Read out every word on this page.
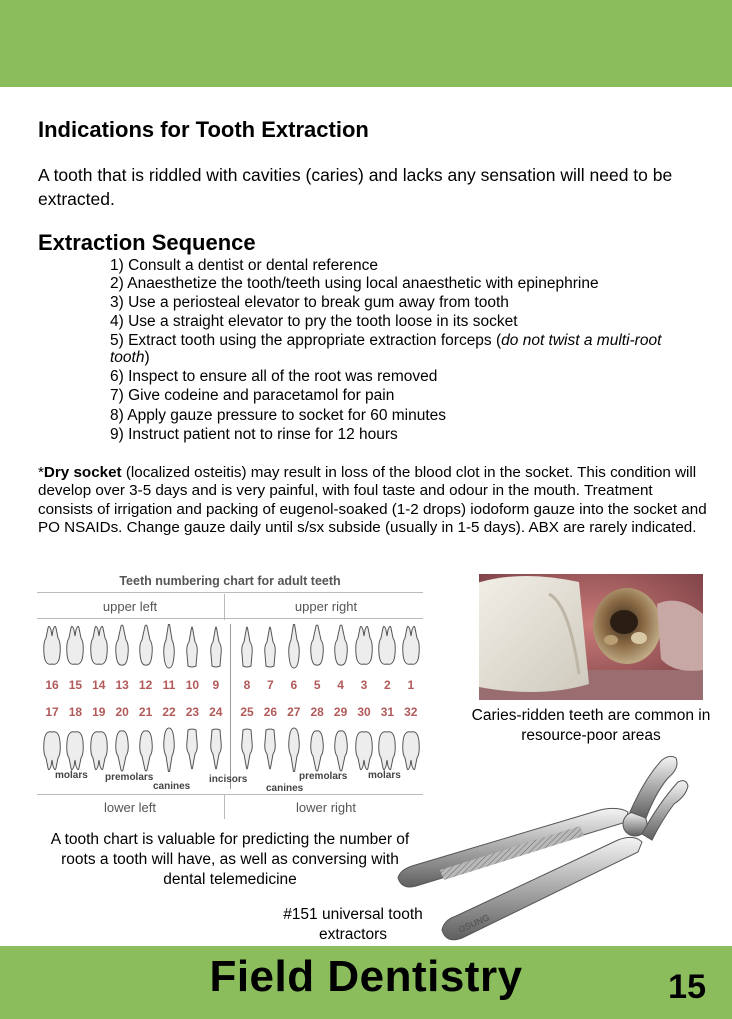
Indications for Tooth Extraction
A tooth that is riddled with cavities (caries) and lacks any sensation will need to be extracted.
Extraction Sequence
1) Consult a dentist or dental reference
2) Anaesthetize the tooth/teeth using local anaesthetic with epinephrine
3) Use a periosteal elevator to break gum away from tooth
4) Use a straight elevator to pry the tooth loose in its socket
5) Extract tooth using the appropriate extraction forceps (do not twist a multi-root tooth)
6) Inspect to ensure all of the root was removed
7) Give codeine and paracetamol for pain
8) Apply gauze pressure to socket for 60 minutes
9) Instruct patient not to rinse for 12 hours

*Dry socket (localized osteitis) may result in loss of the blood clot in the socket. This condition will develop over 3-5 days and is very painful, with foul taste and odour in the mouth. Treatment consists of irrigation and packing of eugenol-soaked (1-2 drops) iodoform gauze into the socket and PO NSAIDs. Change gauze daily until s/sx subside (usually in 1-5 days). ABX are rarely indicated.

Teeth numbering chart for adult teeth
upper left	upper right
16 15 14 13 12 11 10	9	8	7	6	5	4	3	2	1
17 18 19 20 21 22 23 24	25 26 27 28 29 30 31 32
molars premolars
canines
incisors
canines
premolars molars
lower left	lower right
A tooth chart is valuable for predicting the number of roots a tooth will have, as well as conversing with dental telemedicine
Caries-ridden teeth are common in resource-poor areas
OSUNG
#151 universal tooth extractors
Field Dentistry	15
